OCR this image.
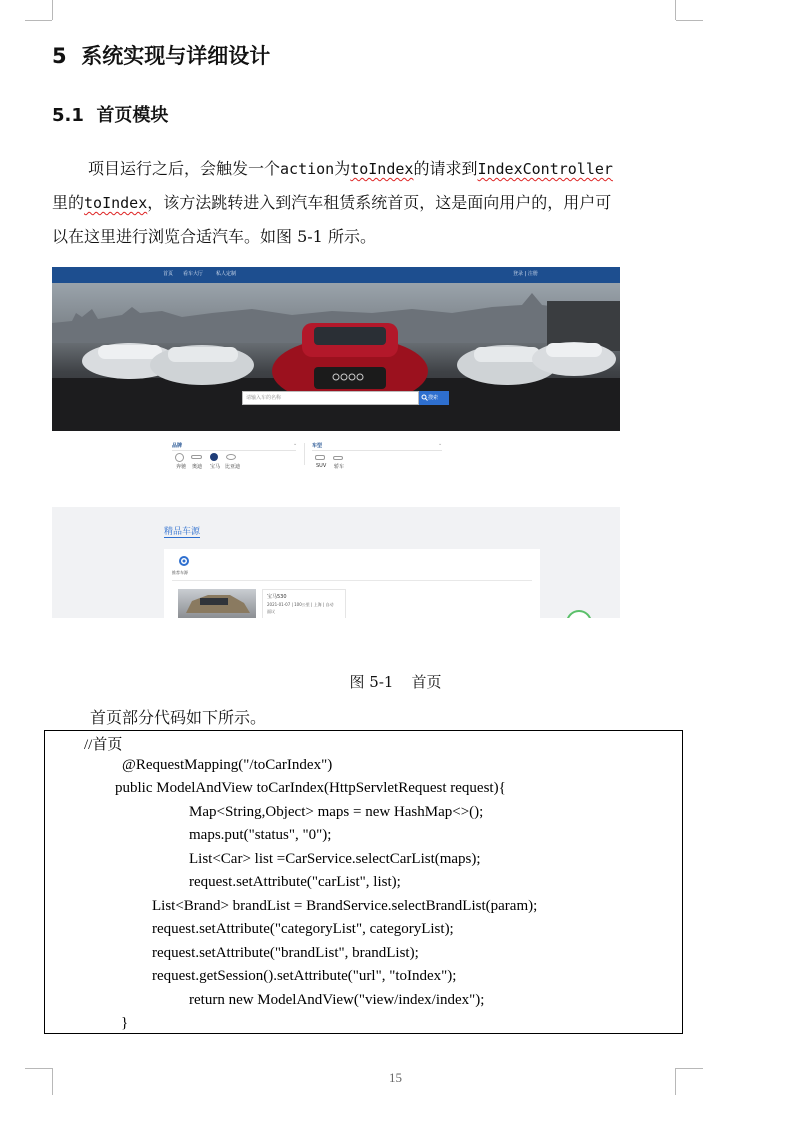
5 系统实现与详细设计
5.1 首页模块

项目运行之后，会触发一个action为toIndex的请求到IndexController

里的toIndex，该方法跳转进入到汽车租赁系统首页，这是面向用户的，用户可

以在这里进行浏览合适汽车。如图 5-1 所示。

首页 看车大厅	私人定制	登录 | 注册
请输入车的名称	搜索
品牌
奔驰 奥迪 宝马 比亚迪
⌄	车型
SUV 轿车
⌄
精品车源
推荐车源
宝马530
2021-01-07 | 100公里 | 上海 | 自动
面议
图 5-1 首页
首页部分代码如下所示。
//首页
@RequestMapping("/toCarIndex")
public ModelAndView toCarIndex(HttpServletRequest request){
Map<String,Object> maps = new HashMap<>();
maps.put("status", "0");
List<Car> list =CarService.selectCarList(maps);
request.setAttribute("carList", list);
List<Brand> brandList = BrandService.selectBrandList(param);
request.setAttribute("categoryList", categoryList);
request.setAttribute("brandList", brandList);
request.getSession().setAttribute("url", "toIndex");
return new ModelAndView("view/index/index");
}
15
